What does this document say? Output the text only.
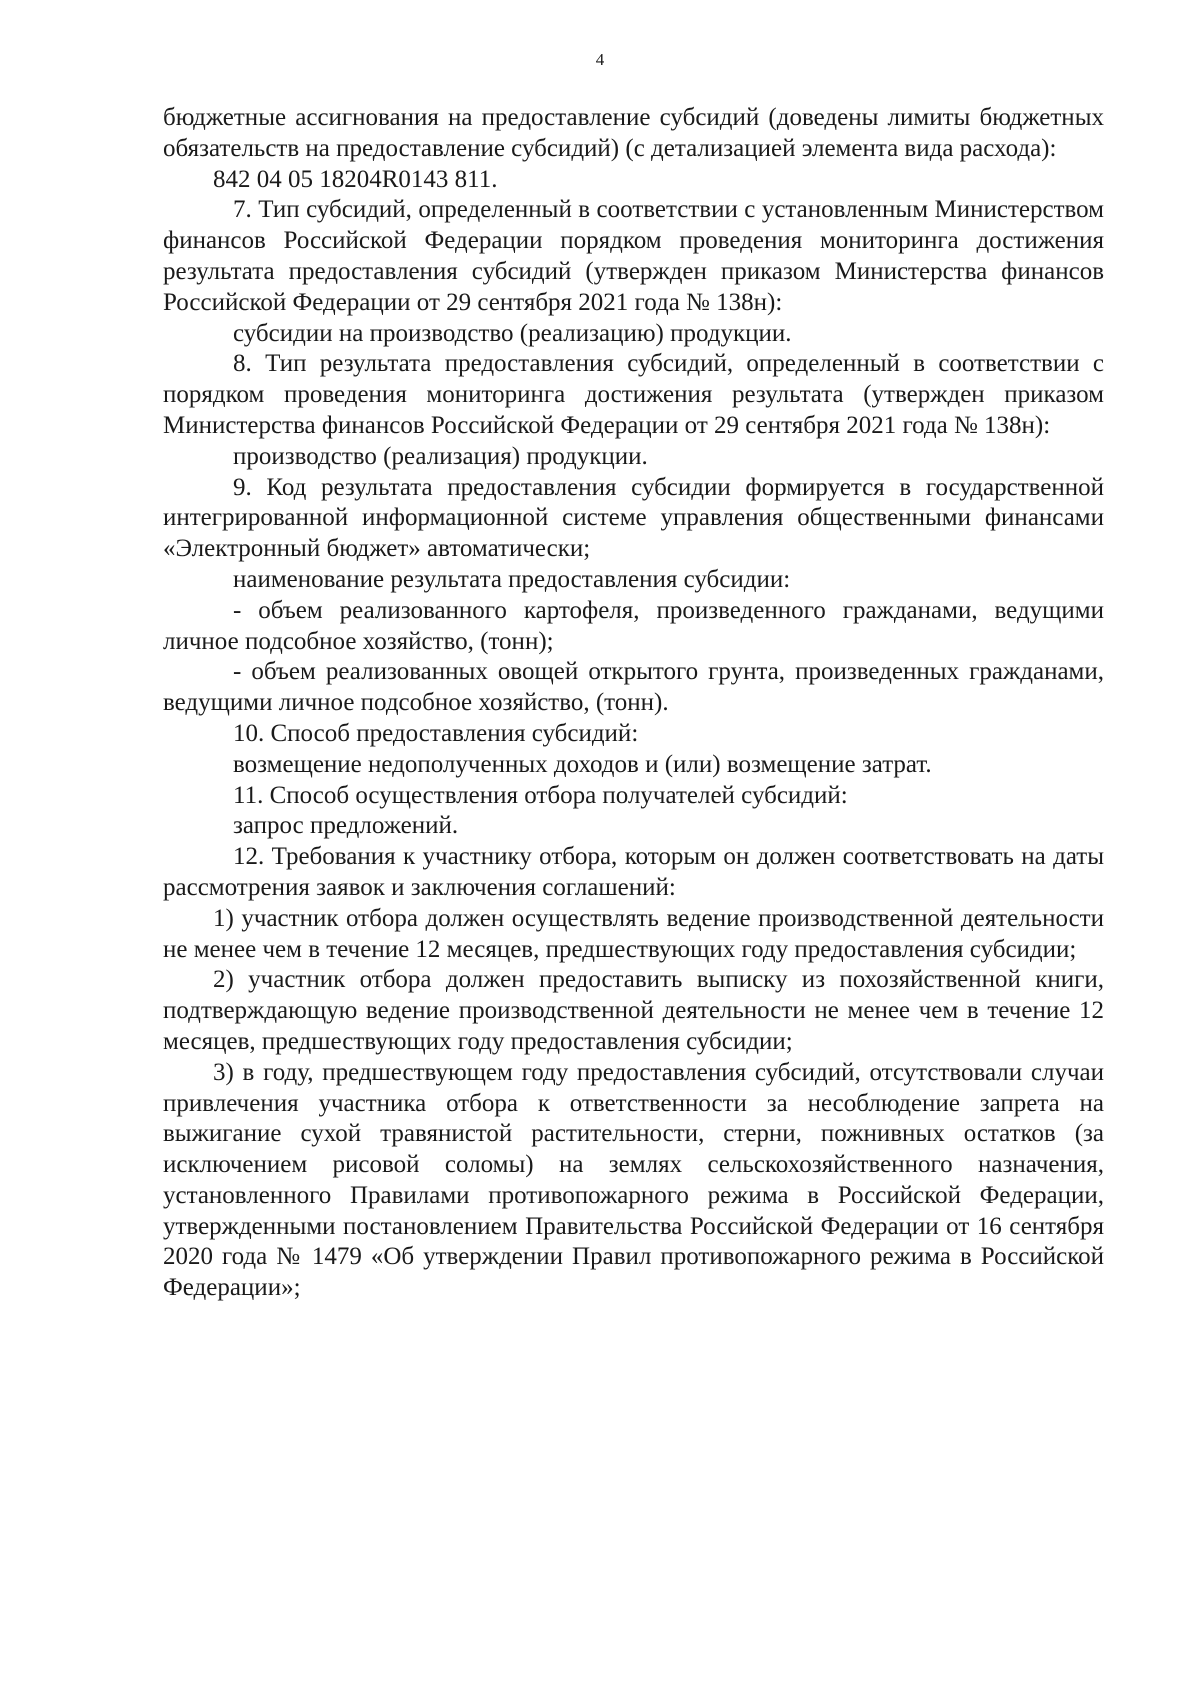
4

бюджетные ассигнования на предоставление субсидий (доведены лимиты бюджетных обязательств на предоставление субсидий) (с детализацией элемента вида расхода):

842 04 05 18204R0143 811.

7. Тип субсидий, определенный в соответствии с установленным Министерством финансов Российской Федерации порядком проведения мониторинга достижения результата предоставления субсидий (утвержден приказом Министерства финансов Российской Федерации от 29 сентября 2021 года № 138н):

субсидии на производство (реализацию) продукции.

8. Тип результата предоставления субсидий, определенный в соответствии с порядком проведения мониторинга достижения результата (утвержден приказом Министерства финансов Российской Федерации от 29 сентября 2021 года № 138н):

производство (реализация) продукции.

9. Код результата предоставления субсидии формируется в государственной интегрированной информационной системе управления общественными финансами «Электронный бюджет» автоматически;

наименование результата предоставления субсидии:

- объем реализованного картофеля, произведенного гражданами, ведущими личное подсобное хозяйство, (тонн);

- объем реализованных овощей открытого грунта, произведенных гражданами, ведущими личное подсобное хозяйство, (тонн).

10. Способ предоставления субсидий:

возмещение недополученных доходов и (или) возмещение затрат.

11. Способ осуществления отбора получателей субсидий:

запрос предложений.

12. Требования к участнику отбора, которым он должен соответствовать на даты рассмотрения заявок и заключения соглашений:

1) участник отбора должен осуществлять ведение производственной деятельности не менее чем в течение 12 месяцев, предшествующих году предоставления субсидии;

2) участник отбора должен предоставить выписку из похозяйственной книги, подтверждающую ведение производственной деятельности не менее чем в течение 12 месяцев, предшествующих году предоставления субсидии;

3) в году, предшествующем году предоставления субсидий, отсутствовали случаи привлечения участника отбора к ответственности за несоблюдение запрета на выжигание сухой травянистой растительности, стерни, пожнивных остатков (за исключением рисовой соломы) на землях сельскохозяйственного назначения, установленного Правилами противопожарного режима в Российской Федерации, утвержденными постановлением Правительства Российской Федерации от 16 сентября 2020 года № 1479 «Об утверждении Правил противопожарного режима в Российской Федерации»;
